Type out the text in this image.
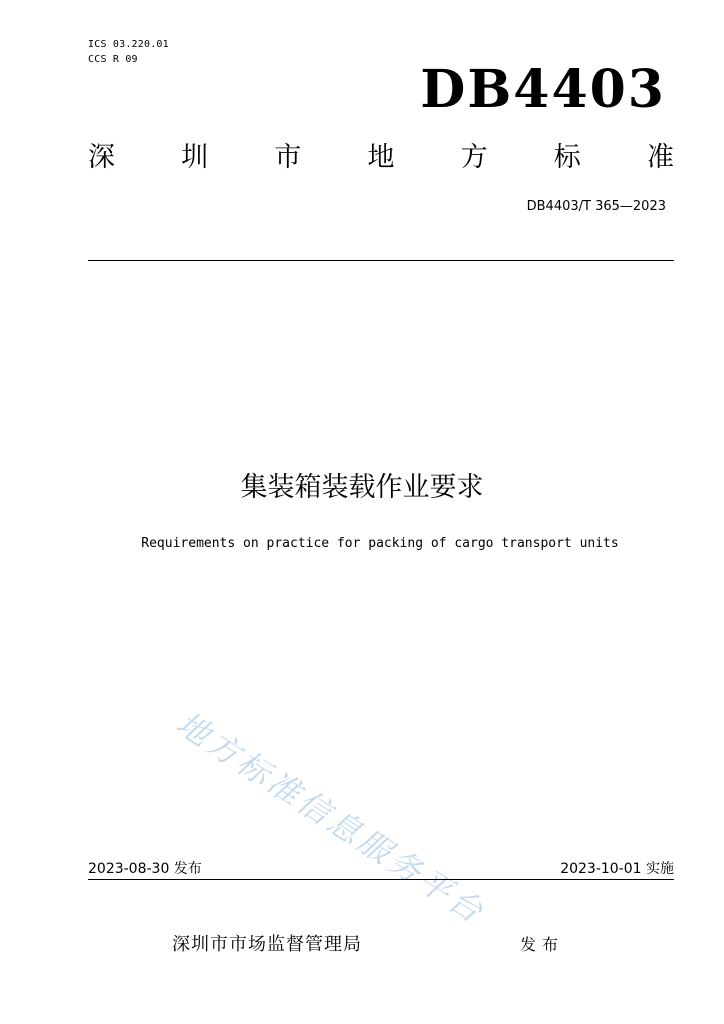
ICS 03.220.01
CCS R 09	DB4403
深 圳 市 地 方 标 准
DB4403/T 365—2023
集装箱装载作业要求
Requirements on practice for packing of cargo transport units
地方标准信息服务平台
2023-08-30 发布	2023-10-01 实施
深圳市市场监督管理局	发布
